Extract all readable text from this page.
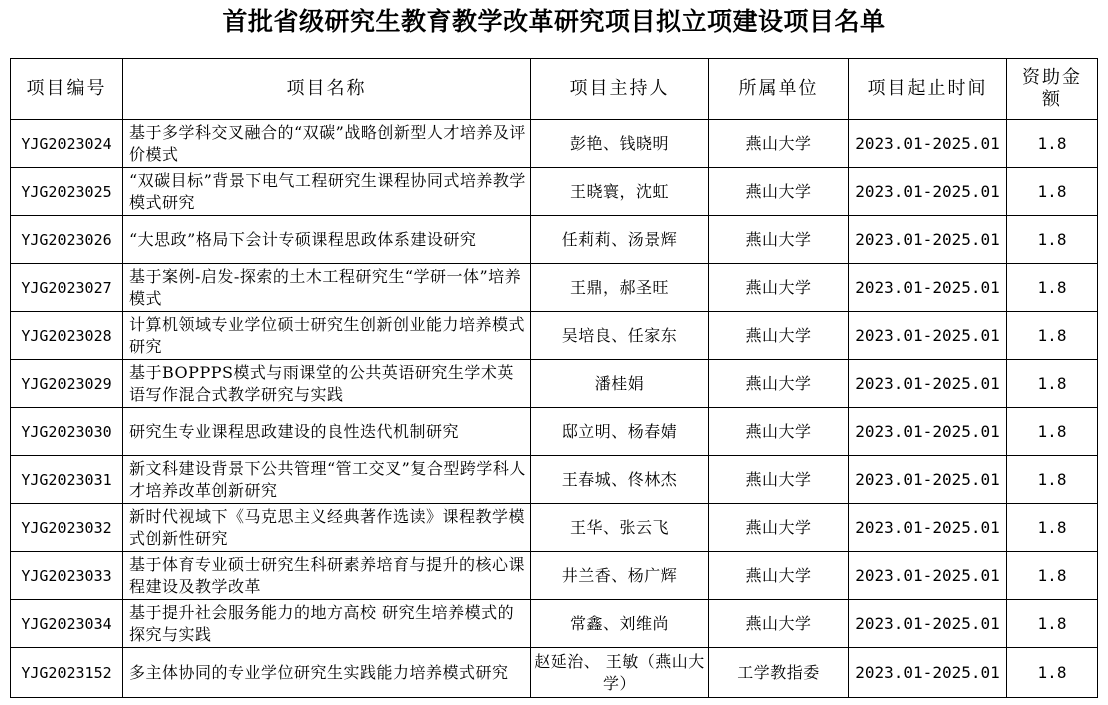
首批省级研究生教育教学改革研究项目拟立项建设项目名单
项目编号	项目名称	项目主持人	所属单位	项目起止时间	资助金额
YJG2023024	基于多学科交叉融合的“双碳”战略创新型人才培养及评价模式	彭艳、钱晓明	燕山大学	2023.01-2025.01	1.8
YJG2023025	“双碳目标”背景下电气工程研究生课程协同式培养教学模式研究	王晓寰，沈虹	燕山大学	2023.01-2025.01	1.8
YJG2023026	“大思政”格局下会计专硕课程思政体系建设研究	任莉莉、汤景辉	燕山大学	2023.01-2025.01	1.8
YJG2023027	基于案例-启发-探索的土木工程研究生“学研一体”培养模式	王鼎，郝圣旺	燕山大学	2023.01-2025.01	1.8
YJG2023028	计算机领域专业学位硕士研究生创新创业能力培养模式研究	吴培良、任家东	燕山大学	2023.01-2025.01	1.8
YJG2023029	基于BOPPPS模式与雨课堂的公共英语研究生学术英语写作混合式教学研究与实践	潘桂娟	燕山大学	2023.01-2025.01	1.8
YJG2023030	研究生专业课程思政建设的良性迭代机制研究	邸立明、杨春婧	燕山大学	2023.01-2025.01	1.8
YJG2023031	新文科建设背景下公共管理“管工交叉”复合型跨学科人才培养改革创新研究	王春城、佟林杰	燕山大学	2023.01-2025.01	1.8
YJG2023032	新时代视域下《马克思主义经典著作选读》课程教学模式创新性研究	王华、张云飞	燕山大学	2023.01-2025.01	1.8
YJG2023033	基于体育专业硕士研究生科研素养培育与提升的核心课程建设及教学改革	井兰香、杨广辉	燕山大学	2023.01-2025.01	1.8
YJG2023034	基于提升社会服务能力的地方高校 研究生培养模式的探究与实践	常鑫、刘维尚	燕山大学	2023.01-2025.01	1.8
YJG2023152	多主体协同的专业学位研究生实践能力培养模式研究	赵延治、 王敏（燕山大学）	工学教指委	2023.01-2025.01	1.8
